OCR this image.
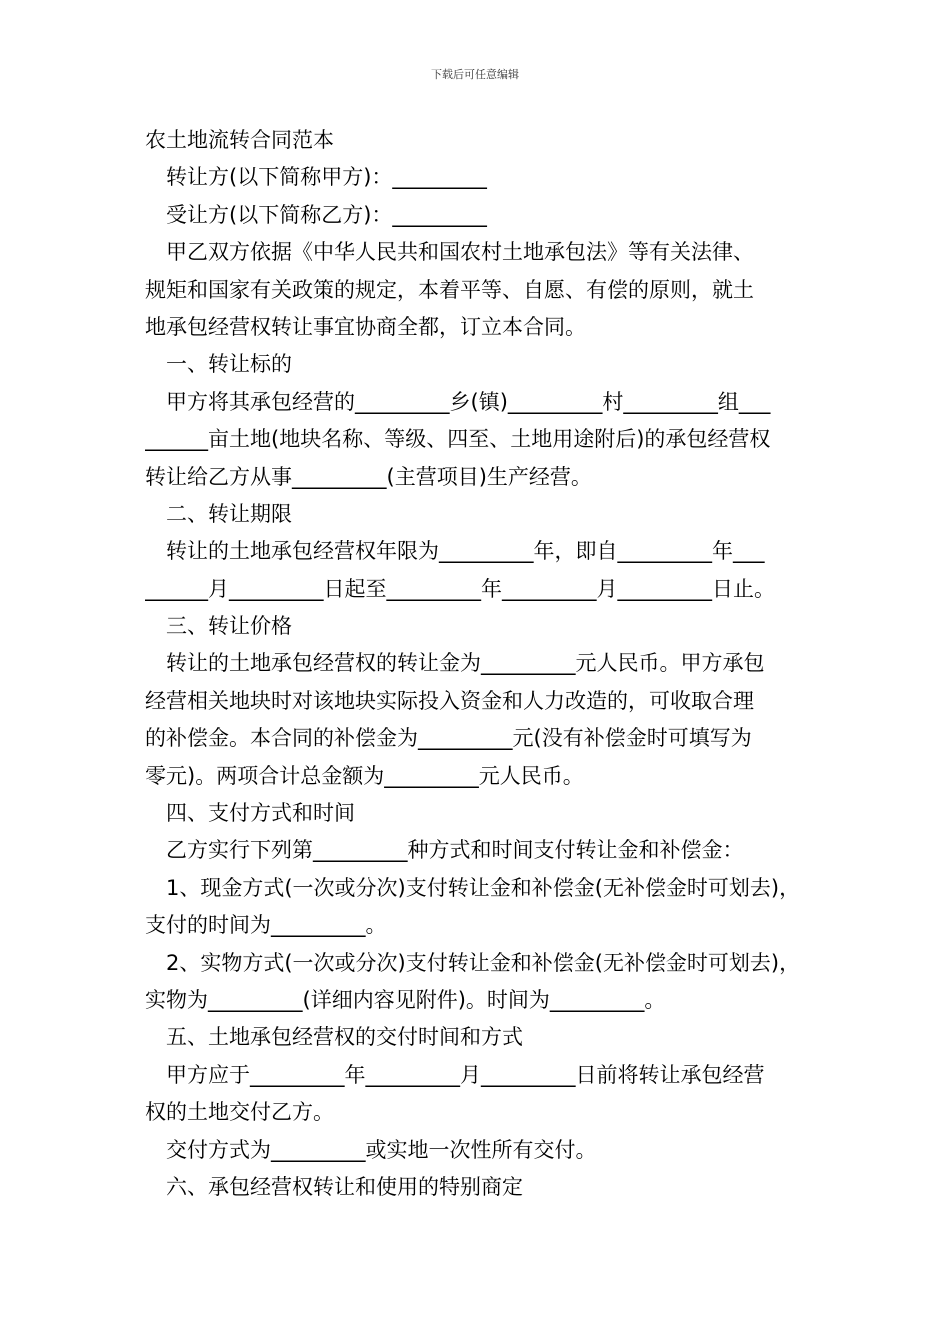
下载后可任意编辑
农土地流转合同范本
转让方(以下简称甲方)：_________
受让方(以下简称乙方)：_________
甲乙双方依据《中华人民共和国农村土地承包法》等有关法律、
规矩和国家有关政策的规定，本着平等、自愿、有偿的原则，就土
地承包经营权转让事宜协商全都，订立本合同。
一、转让标的
甲方将其承包经营的_________乡(镇)_________村_________组___
______亩土地(地块名称、等级、四至、土地用途附后)的承包经营权
转让给乙方从事_________(主营项目)生产经营。
二、转让期限
转让的土地承包经营权年限为_________年，即自_________年___
______月_________日起至_________年_________月_________日止。
三、转让价格
转让的土地承包经营权的转让金为_________元人民币。甲方承包
经营相关地块时对该地块实际投入资金和人力改造的，可收取合理
的补偿金。本合同的补偿金为_________元(没有补偿金时可填写为
零元)。两项合计总金额为_________元人民币。
四、支付方式和时间
乙方实行下列第_________种方式和时间支付转让金和补偿金：
1、现金方式(一次或分次)支付转让金和补偿金(无补偿金时可划去)，
支付的时间为_________。
2、实物方式(一次或分次)支付转让金和补偿金(无补偿金时可划去)，
实物为_________(详细内容见附件)。时间为_________。
五、土地承包经营权的交付时间和方式
甲方应于_________年_________月_________日前将转让承包经营
权的土地交付乙方。
交付方式为_________或实地一次性所有交付。
六、承包经营权转让和使用的特别商定
